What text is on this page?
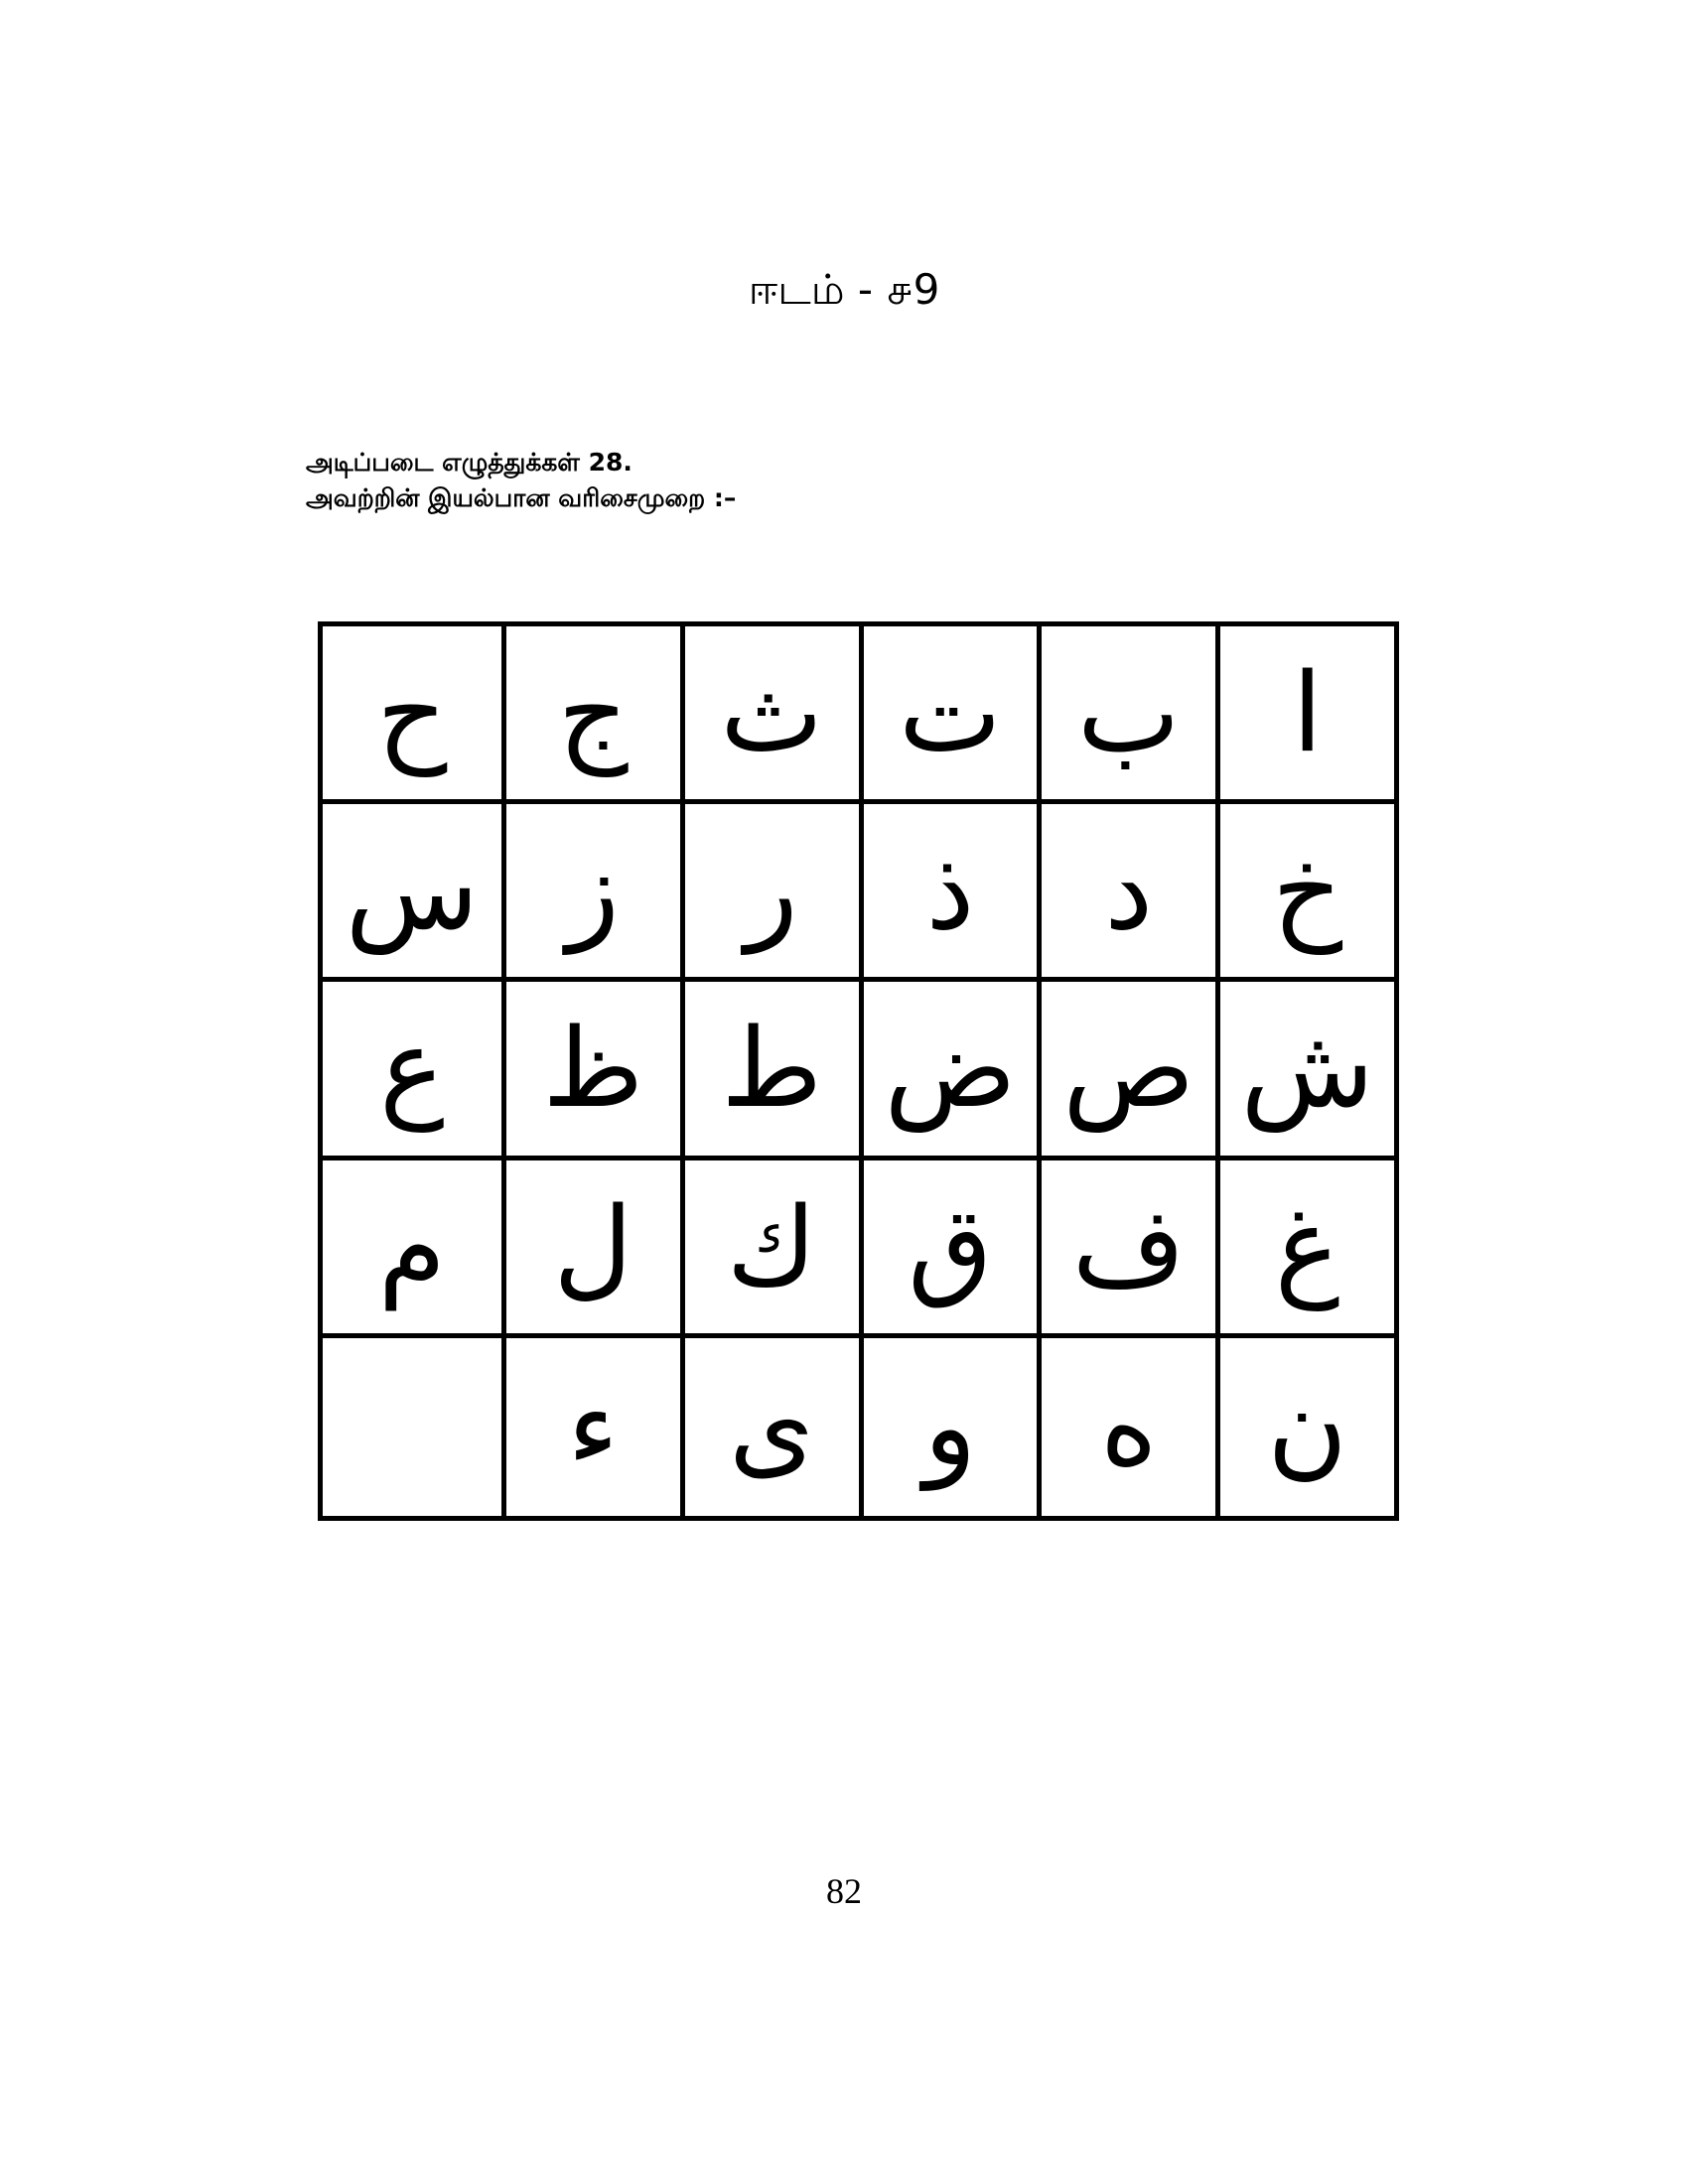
ஈடம் - ௪9
அடிப்படை எழுத்துக்கள் 28.
அவற்றின் இயல்பான வரிசைமுறை :–
ا
ب
ت
ث
ج
ح
خ
د
ذ
ر
ز
س
ش
ص
ض
ط
ظ
ع
غ
ف
ق
ك
ل
م
ن
ه
و
ى
ء
82
